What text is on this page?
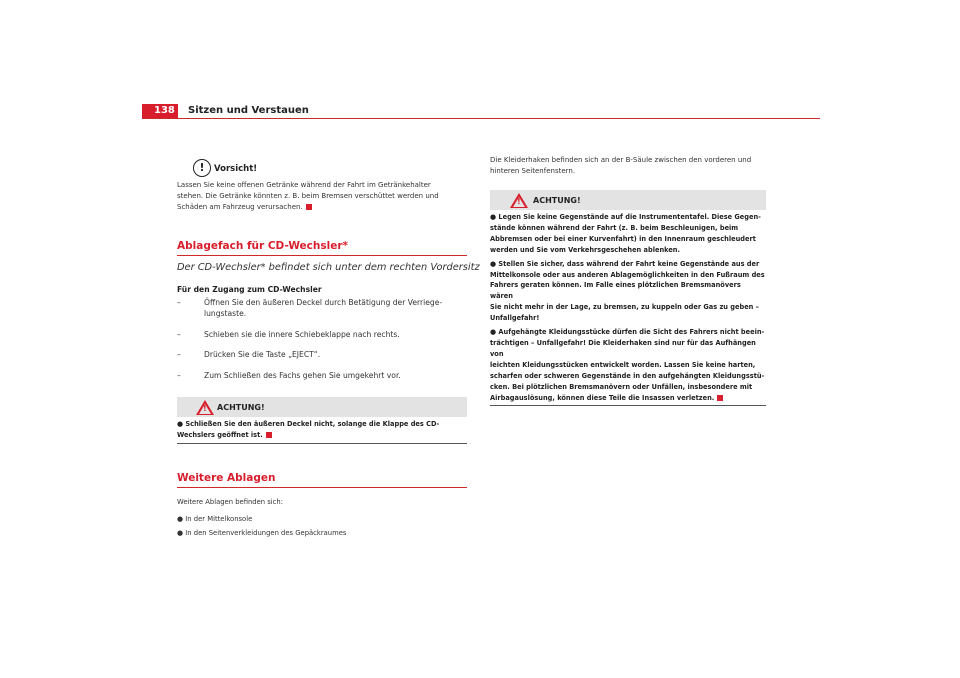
138	Sitzen und Verstauen
!	Vorsicht!
Lassen Sie keine offenen Getränke während der Fahrt im Getränkehalter
stehen. Die Getränke könnten z. B. beim Bremsen verschüttet werden und
Schäden am Fahrzeug verursachen.
Ablagefach für CD-Wechsler*
Der CD-Wechsler* befindet sich unter dem rechten Vordersitz
Für den Zugang zum CD-Wechsler
–	Öffnen Sie den äußeren Deckel durch Betätigung der Verriege-
lungstaste.
–	Schieben sie die innere Schiebeklappe nach rechts.
–	Drücken Sie die Taste „EJECT“.
–	Zum Schließen des Fachs gehen Sie umgekehrt vor.
! ACHTUNG!
● Schließen Sie den äußeren Deckel nicht, solange die Klappe des CD-
Wechslers geöffnet ist.
Weitere Ablagen
Weitere Ablagen befinden sich:
● In der Mittelkonsole
● In den Seitenverkleidungen des Gepäckraumes
Die Kleiderhaken befinden sich an der B-Säule zwischen den vorderen und
hinteren Seitenfenstern.
! ACHTUNG!
● Legen Sie keine Gegenstände auf die Instrumententafel. Diese Gegen-
stände können während der Fahrt (z. B. beim Beschleunigen, beim
Abbremsen oder bei einer Kurvenfahrt) in den Innenraum geschleudert
werden und Sie vom Verkehrsgeschehen ablenken.
● Stellen Sie sicher, dass während der Fahrt keine Gegenstände aus der
Mittelkonsole oder aus anderen Ablagemöglichkeiten in den Fußraum des
Fahrers geraten können. Im Falle eines plötzlichen Bremsmanövers wären
Sie nicht mehr in der Lage, zu bremsen, zu kuppeln oder Gas zu geben –
Unfallgefahr!
● Aufgehängte Kleidungsstücke dürfen die Sicht des Fahrers nicht beein-
trächtigen – Unfallgefahr! Die Kleiderhaken sind nur für das Aufhängen von
leichten Kleidungsstücken entwickelt worden. Lassen Sie keine harten,
scharfen oder schweren Gegenstände in den aufgehängten Kleidungsstü-
cken. Bei plötzlichen Bremsmanövern oder Unfällen, insbesondere mit
Airbagauslösung, können diese Teile die Insassen verletzen.
